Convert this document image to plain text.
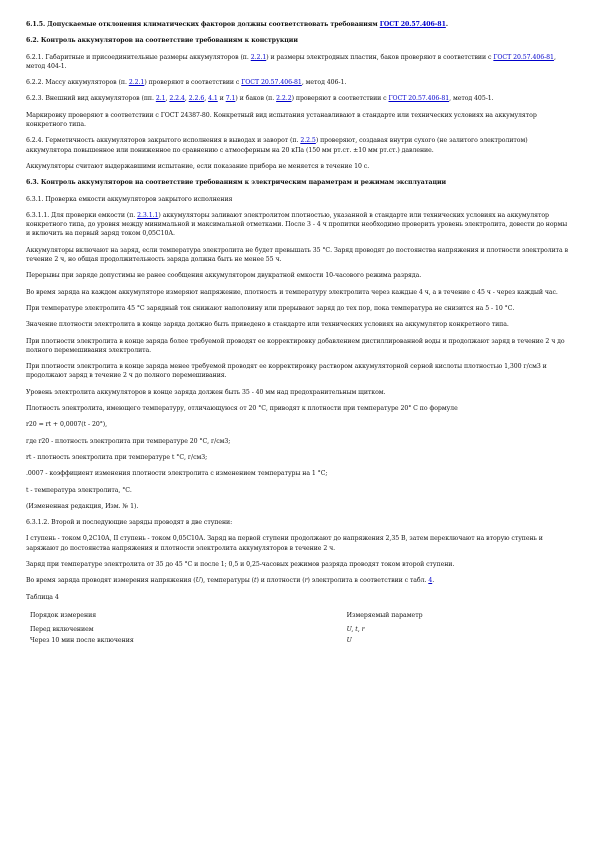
6.1.5. Допускаемые отклонения климатических факторов должны соответствовать требованиям ГОСТ 20.57.406-81.

6.2. Контроль аккумуляторов на соответствие требованиям к конструкции

6.2.1. Габаритные и присоединительные размеры аккумуляторов (п. 2.2.1) и размеры электродных пластин, баков проверяют в соответствии с ГОСТ 20.57.406-81, метод 404-1.

6.2.2. Массу аккумуляторов (п. 2.2.1) проверяют в соответствии с ГОСТ 20.57.406-81, метод 406-1.

6.2.3. Внешний вид аккумуляторов (пп. 2.1, 2.2.4, 2.2.6, 4.1 и 7.1) и баков (п. 2.2.2) проверяют в соответствии с ГОСТ 20.57.406-81, метод 405-1.

Маркировку проверяют в соответствии с ГОСТ 24387-80. Конкретный вид испытания устанавливают в стандарте или технических условиях на аккумулятор конкретного типа.

6.2.4. Герметичность аккумуляторов закрытого исполнения в выводах и заворот (п. 2.2.5) проверяют, создавая внутри сухого (не залитого электролитом) аккумулятора повышенное или пониженное по сравнению с атмосферным на 20 кПа (150 мм рт.ст. ±10 мм рт.ст.) давление.

Аккумуляторы считают выдержавшими испытание, если показание прибора не меняется в течение 10 с.

6.3. Контроль аккумуляторов на соответствие требованиям к электрическим параметрам и режимам эксплуатации

6.3.1. Проверка емкости аккумуляторов закрытого исполнения

6.3.1.1. Для проверки емкости (п. 2.3.1.1) аккумуляторы заливают электролитом плотностью, указанной в стандарте или технических условиях на аккумулятор конкретного типа, до уровня между минимальной и максимальной отметками. После 3 - 4 ч пропитки необходимо проверить уровень электролита, довести до нормы и включить на первый заряд током 0,05С10А.

Аккумуляторы включают на заряд, если температура электролита не будет превышать 35 °С. Заряд проводят до постоянства напряжения и плотности электролита в течение 2 ч, но общая продолжительность заряда должна быть не менее 55 ч.

Перерывы при заряде допустимы не ранее сообщения аккумулятором двукратной емкости 10-часового режима разряда.

Во время заряда на каждом аккумуляторе измеряют напряжение, плотность и температуру электролита через каждые 4 ч, а в течение с 45 ч - через каждый час.

При температуре электролита 45 °С зарядный ток снижают наполовину или прерывают заряд до тех пор, пока температура не снизится на 5 - 10 °С.

Значение плотности электролита в конце заряда должно быть приведено в стандарте или технических условиях на аккумулятор конкретного типа.

При плотности электролита в конце заряда более требуемой проводят ее корректировку добавлением дистиллированной воды и продолжают заряд в течение 2 ч до полного перемешивания электролита.

При плотности электролита в конце заряда менее требуемой проводят ее корректировку раствором аккумуляторной серной кислоты плотностью 1,300 г/см3 и продолжают заряд в течение 2 ч до полного перемешивания.

Уровень электролита аккумуляторов в конце заряда должен быть 35 - 40 мм над предохранительным щитком.

Плотность электролита, имеющего температуру, отличающуюся от 20 °С, приводят к плотности при температуре 20° С по формуле

r20 = rt + 0,0007(t - 20°),

где r20 - плотность электролита при температуре 20 °С, г/см3;

rt - плотность электролита при температуре t °С, г/см3;

.0007 - коэффициент изменения плотности электролита с изменением температуры на 1 °С;

t - температура электролита, °С.

(Измененная редакция, Изм. № 1).

6.3.1.2. Второй и последующие заряды проводят в две ступени:

I ступень - током 0,2С10А, II ступень - током 0,05С10А. Заряд на первой ступени продолжают до напряжения 2,35 В, затем переключают на вторую ступень и заряжают до постоянства напряжения и плотности электролита аккумуляторов в течение 2 ч.

Заряд при температуре электролита от 35 до 45 °С и после 1; 0,5 и 0,25-часовых режимов разряда проводят током второй ступени.

Во время заряда проводят измерения напряжения (U), температуры (t) и плотности (r) электролита в соответствии с табл. 4.

Таблица 4

Порядок измерения	Измеряемый параметр
Перед включением	U, t, r
Через 10 мин после включения	U
